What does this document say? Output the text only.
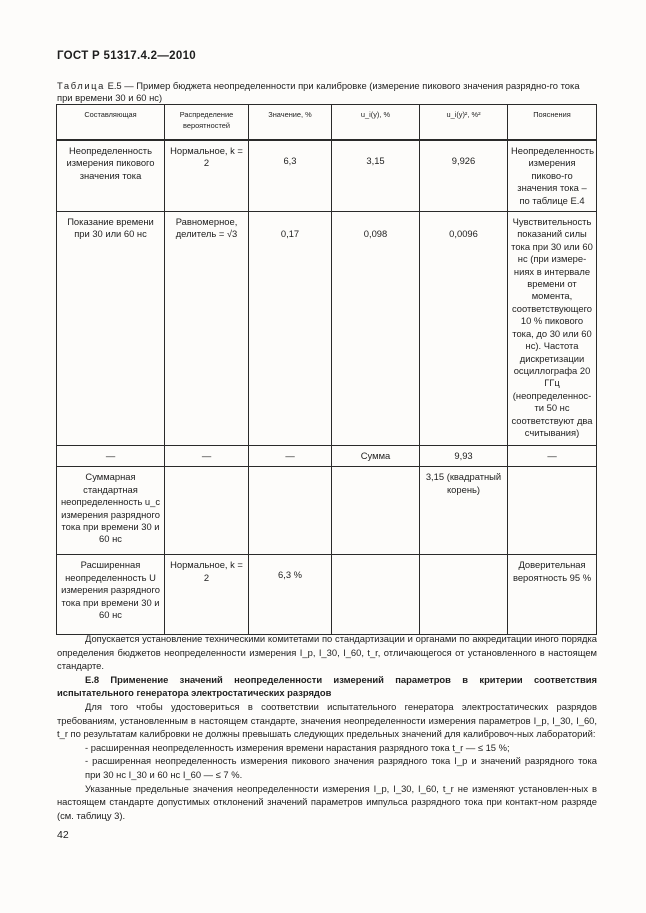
ГОСТ Р 51317.4.2—2010
Таблица Е.5 — Пример бюджета неопределенности при калибровке (измерение пикового значения разрядно-го тока при времени 30 и 60 нс)
Составляющая	Распределение вероятностей	Значение, %	u_i(y), %	u_i(y)², %²	Пояснения
Неопределенность измерения пикового значения тока	Нормальное, k = 2	6,3	3,15	9,926	Неопределенность измерения пиково-го значения тока – по таблице Е.4
Показание времени при 30 или 60 нс	Равномерное, делитель = √3	0,17	0,098	0,0096	Чувствительность показаний силы тока при 30 или 60 нс (при измере-ниях в интервале времени от момента, соответствующего 10 % пикового тока, до 30 или 60 нс). Частота дискретизации осциллографа 20 ГГц (неопределеннос-ти 50 нс соответствуют два считывания)
—	—	—	Сумма	9,93	—
Суммарная стандартная неопределенность u_c измерения разрядного тока при времени 30 и 60 нс				3,15 (квадратный корень)	
Расширенная неопределенность U измерения разрядного тока при времени 30 и 60 нс	Нормальное, k = 2	6,3 %			Доверительная вероятность 95 %

Допускается установление техническими комитетами по стандартизации и органами по аккредитации иного порядка определения бюджетов неопределенности измерения I_p, I_30, I_60, t_r, отличающегося от установленного в настоящем стандарте.

Е.8 Применение значений неопределенности измерений параметров в критерии соответствия испытательного генератора электростатических разрядов

Для того чтобы удостовериться в соответствии испытательного генератора электростатических разрядов требованиям, установленным в настоящем стандарте, значения неопределенности измерения параметров I_p, I_30, I_60, t_r по результатам калибровки не должны превышать следующих предельных значений для калибровоч-ных лабораторий:

- расширенная неопределенность измерения времени нарастания разрядного тока t_r — ≤ 15 %;

- расширенная неопределенность измерения пикового значения разрядного тока I_p и значений разрядного тока при 30 нс I_30 и 60 нс I_60 — ≤ 7 %.

Указанные предельные значения неопределенности измерения I_p, I_30, I_60, t_r не изменяют установлен-ных в настоящем стандарте допустимых отклонений значений параметров импульса разрядного тока при контакт-ном разряде (см. таблицу 3).

42
